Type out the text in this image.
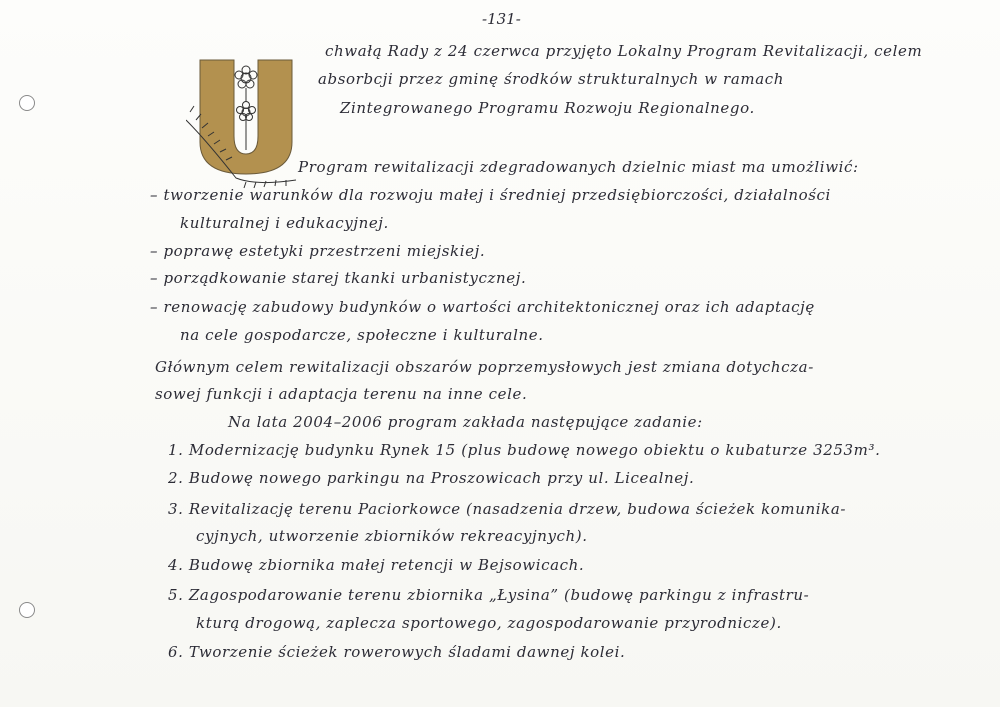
-131-
chwałą Rady z 24 czerwca przyjęto Lokalny Program Revitalizacji, celem
absorbcji przez gminę środków strukturalnych w ramach
Zintegrowanego Programu Rozwoju Regionalnego.
Program rewitalizacji zdegradowanych dzielnic miast ma umożliwić:
– tworzenie warunków dla rozwoju małej i średniej przedsiębiorczości, działalności
kulturalnej i edukacyjnej.
– poprawę estetyki przestrzeni miejskiej.
– porządkowanie starej tkanki urbanistycznej.
– renowację zabudowy budynków o wartości architektonicznej oraz ich adaptację
na cele gospodarcze, społeczne i kulturalne.
Głównym celem rewitalizacji obszarów poprzemysłowych jest zmiana dotychcza-
sowej funkcji i adaptacja terenu na inne cele.
Na lata 2004–2006 program zakłada następujące zadanie:
1. Modernizację budynku Rynek 15 (plus budowę nowego obiektu o kubaturze 3253m³.
2. Budowę nowego parkingu na Proszowicach przy ul. Licealnej.
3. Revitalizację terenu Paciorkowce (nasadzenia drzew, budowa ścieżek komunika-
cyjnych, utworzenie zbiorników rekreacyjnych).
4. Budowę zbiornika małej retencji w Bejsowicach.
5. Zagospodarowanie terenu zbiornika „Łysina” (budowę parkingu z infrastru-
kturą drogową, zaplecza sportowego, zagospodarowanie przyrodnicze).
6. Tworzenie ścieżek rowerowych śladami dawnej kolei.
